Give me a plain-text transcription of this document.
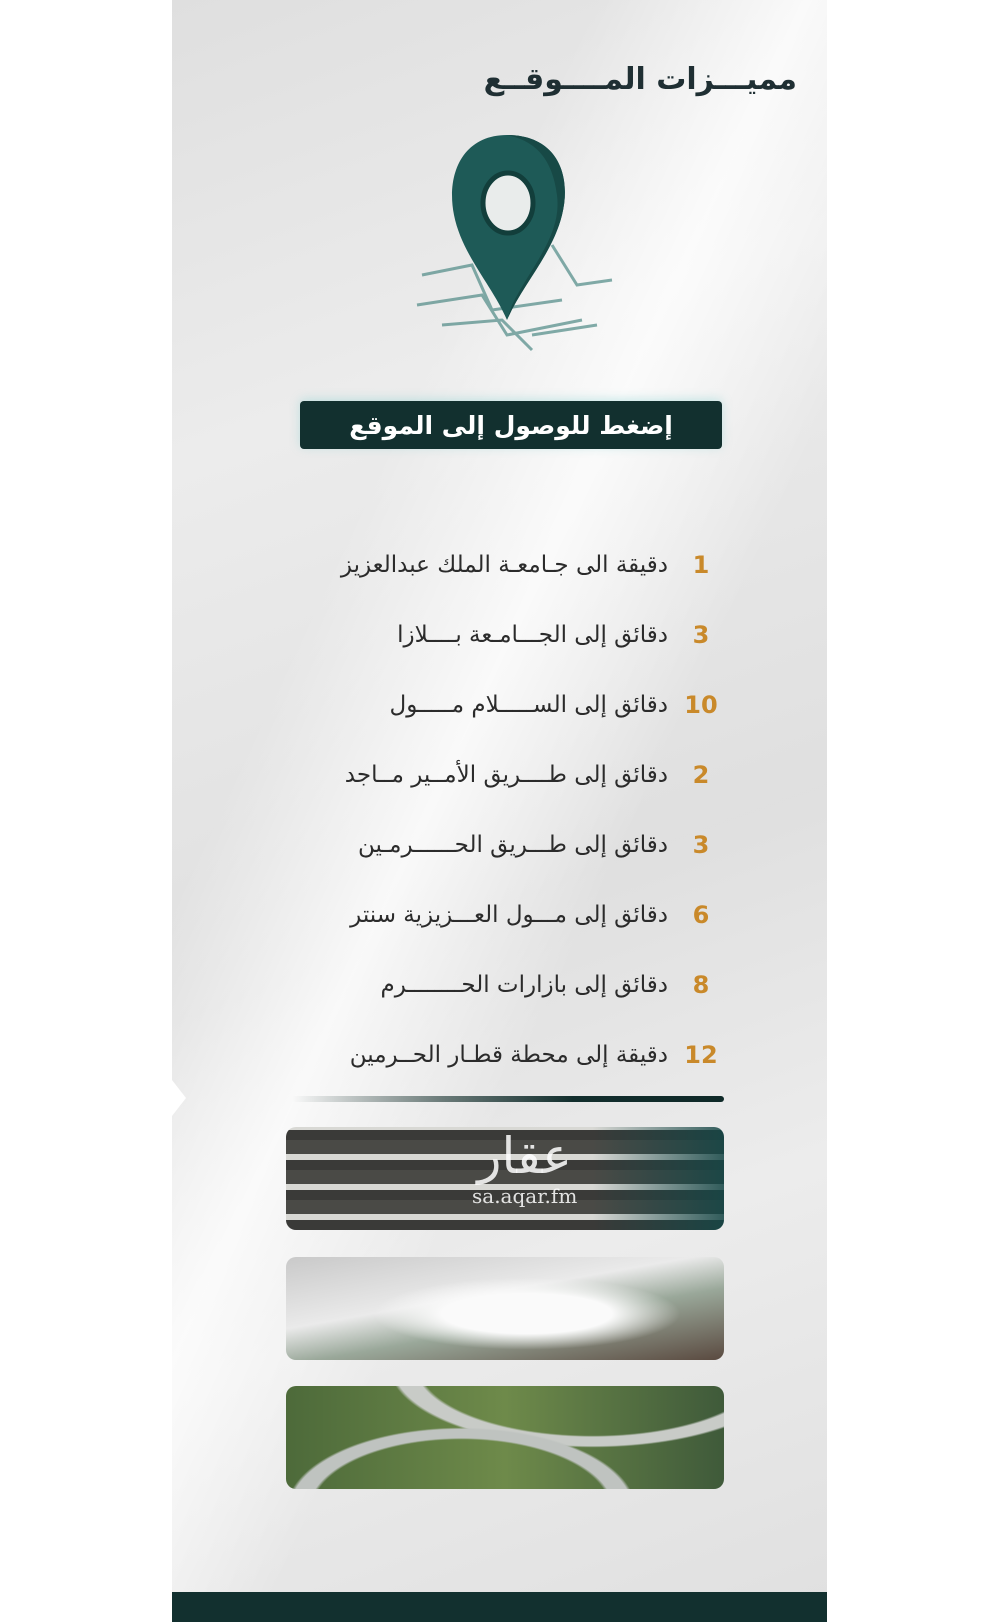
مميـــزات المــــوقــع
إضغط للوصول إلى الموقع
1
دقيقة الى جـامعـة الملك عبدالعزيز
3
دقائق إلى الجـــامـعة بــــلازا
10
دقائق إلى الســـــلام مـــــول
2
دقائق إلى طــــريق الأمــير مــاجد
3
دقائق إلى طـــريق الحــــــرمـين
6
دقائق إلى مـــول العـــزيزية سنتر
8
دقائق إلى بازارات الحــــــــرم
12
دقيقة إلى محطة قطـار الحــرمين
عقار
sa.aqar.fm
